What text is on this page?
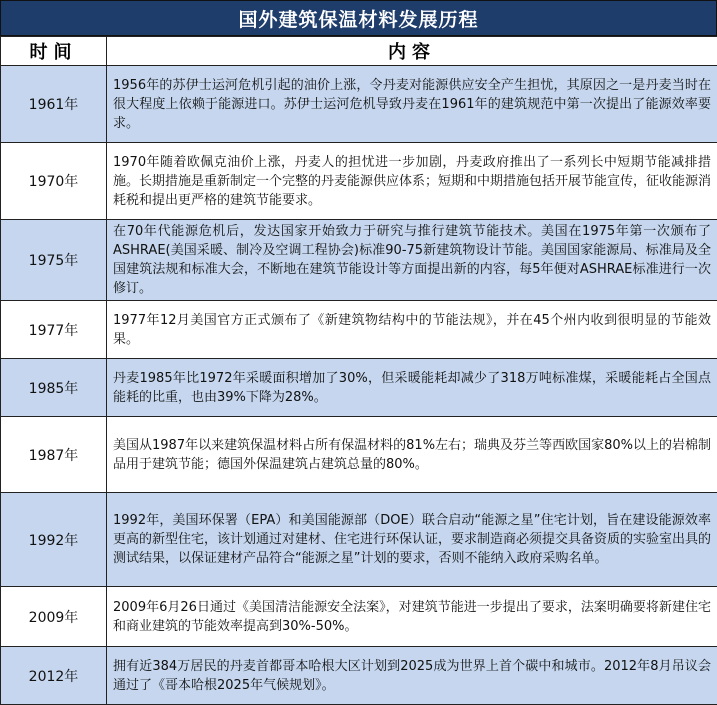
国外建筑保温材料发展历程
时间	内容
1961年	1956年的苏伊士运河危机引起的油价上涨，令丹麦对能源供应安全产生担忧，其原因之一是丹麦当时在很大程度上依赖于能源进口。苏伊士运河危机导致丹麦在1961年的建筑规范中第一次提出了能源效率要求。
1970年	1970年随着欧佩克油价上涨，丹麦人的担忧进一步加剧，丹麦政府推出了一系列长中短期节能减排措施。长期措施是重新制定一个完整的丹麦能源供应体系；短期和中期措施包括开展节能宣传，征收能源消耗税和提出更严格的建筑节能要求。
1975年	在70年代能源危机后，发达国家开始致力于研究与推行建筑节能技术。美国在1975年第一次颁布了ASHRAE(美国采暖、制冷及空调工程协会)标准90-75新建筑物设计节能。美国国家能源局、标准局及全国建筑法规和标准大会，不断地在建筑节能设计等方面提出新的内容，每5年便对ASHRAE标准进行一次修订。
1977年	1977年12月美国官方正式颁布了《新建筑物结构中的节能法规》，并在45个州内收到很明显的节能效果。
1985年	丹麦1985年比1972年采暖面积增加了30%，但采暖能耗却减少了318万吨标准煤，采暖能耗占全国点能耗的比重，也由39%下降为28%。
1987年	美国从1987年以来建筑保温材料占所有保温材料的81%左右；瑞典及芬兰等西欧国家80%以上的岩棉制品用于建筑节能；德国外保温建筑占建筑总量的80%。
1992年	1992年，美国环保署（EPA）和美国能源部（DOE）联合启动“能源之星”住宅计划，旨在建设能源效率更高的新型住宅，该计划通过对建材、住宅进行环保认证，要求制造商必须提交具备资质的实验室出具的测试结果，以保证建材产品符合“能源之星”计划的要求，否则不能纳入政府采购名单。
2009年	2009年6月26日通过《美国清洁能源安全法案》，对建筑节能进一步提出了要求，法案明确要将新建住宅和商业建筑的节能效率提高到30%-50%。
2012年	拥有近384万居民的丹麦首都哥本哈根大区计划到2025成为世界上首个碳中和城市。2012年8月吊议会通过了《哥本哈根2025年气候规划》。
